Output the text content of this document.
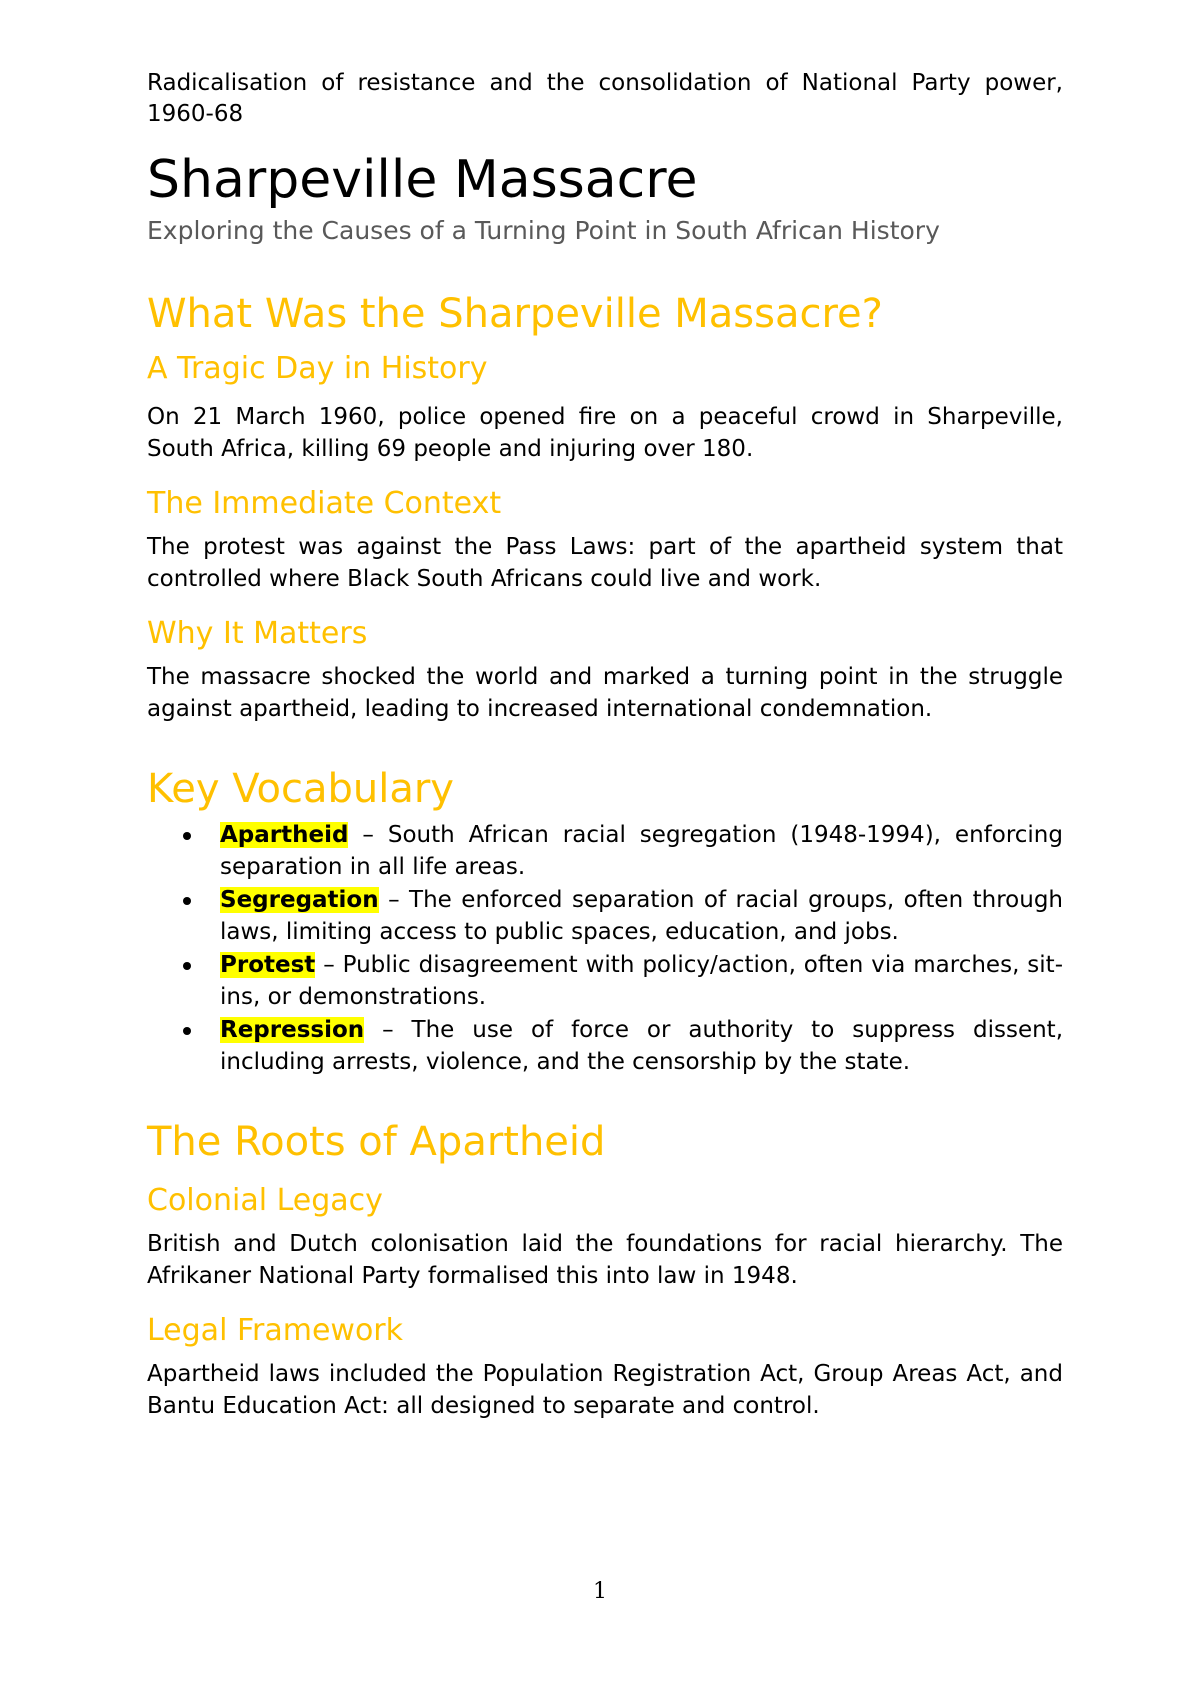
Radicalisation of resistance and the consolidation of National Party power, 1960-68

Sharpeville Massacre

Exploring the Causes of a Turning Point in South African History

What Was the Sharpeville Massacre?
A Tragic Day in History

On 21 March 1960, police opened fire on a peaceful crowd in Sharpeville, South Africa, killing 69 people and injuring over 180.

The Immediate Context

The protest was against the Pass Laws: part of the apartheid system that controlled where Black South Africans could live and work.

Why It Matters

The massacre shocked the world and marked a turning point in the struggle against apartheid, leading to increased international condemnation.

Key Vocabulary
Apartheid – South African racial segregation (1948-1994), enforcing separation in all life areas.
Segregation – The enforced separation of racial groups, often through laws, limiting access to public spaces, education, and jobs.
Protest – Public disagreement with policy/action, often via marches, sit-ins, or demonstrations.
Repression – The use of force or authority to suppress dissent, including arrests, violence, and the censorship by the state.
The Roots of Apartheid
Colonial Legacy

British and Dutch colonisation laid the foundations for racial hierarchy. The Afrikaner National Party formalised this into law in 1948.

Legal Framework

Apartheid laws included the Population Registration Act, Group Areas Act, and Bantu Education Act: all designed to separate and control.

1
